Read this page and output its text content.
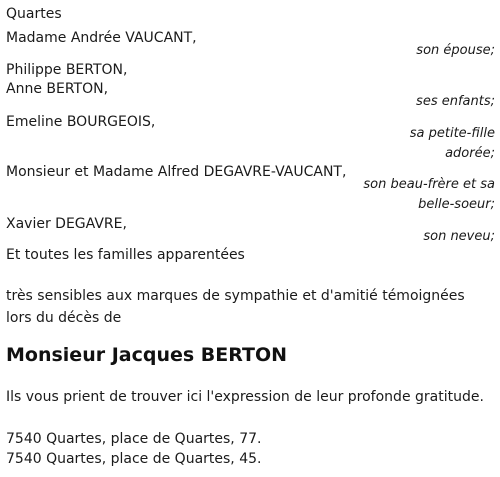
Quartes
Madame Andrée VAUCANT,
son épouse;
Philippe BERTON,
Anne BERTON,
ses enfants;
Emeline BOURGEOIS,
sa petite-fille
adorée;
Monsieur et Madame Alfred DEGAVRE-VAUCANT,
son beau-frère et sa
belle-soeur;
Xavier DEGAVRE,
son neveu;
Et toutes les familles apparentées
très sensibles aux marques de sympathie et d'amitié témoignées lors du décès de
Monsieur Jacques BERTON
Ils vous prient de trouver ici l'expression de leur profonde gratitude.
7540 Quartes, place de Quartes, 77.
7540 Quartes, place de Quartes, 45.
